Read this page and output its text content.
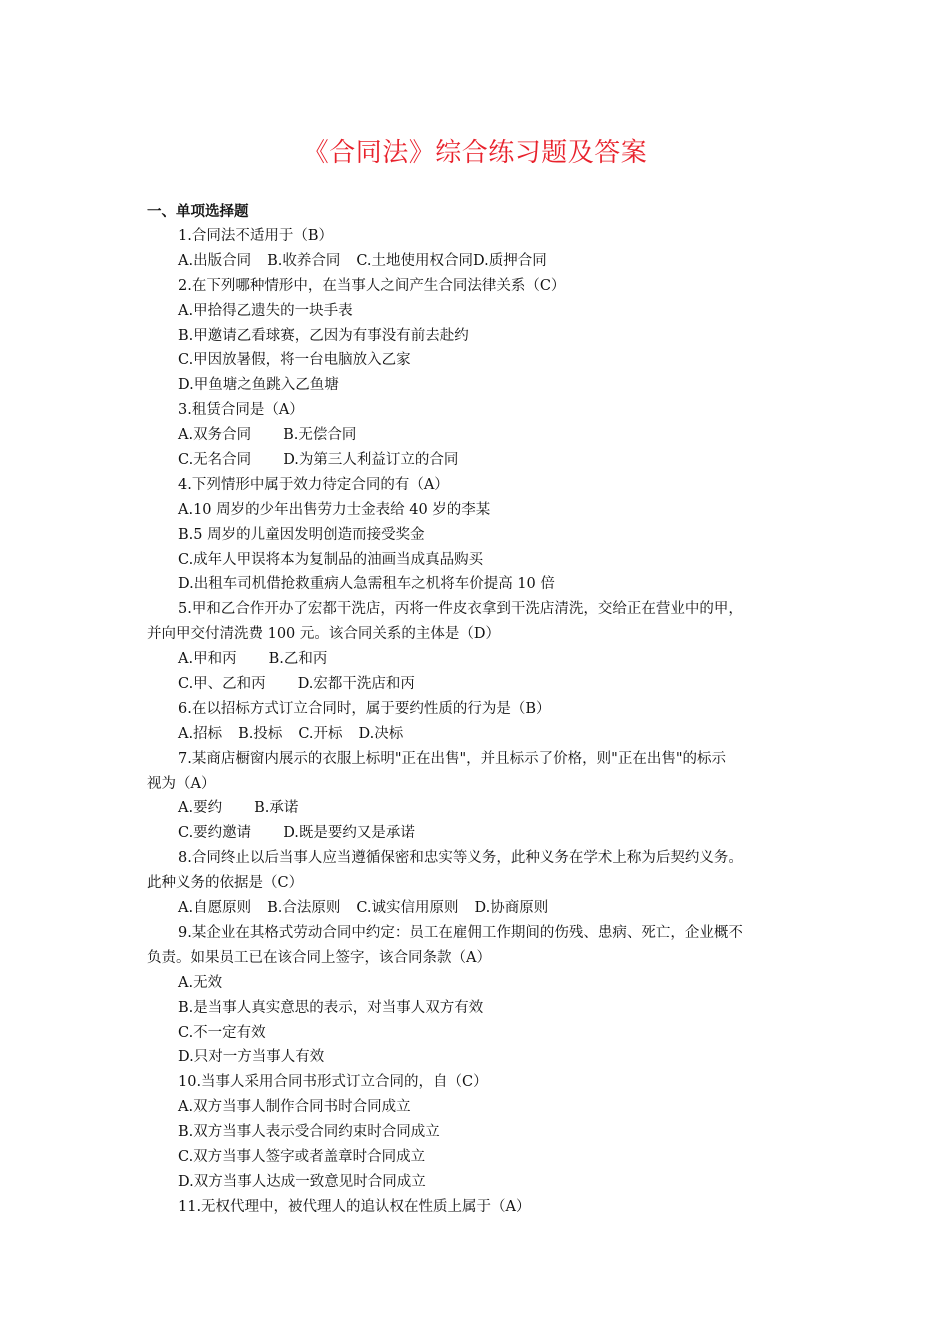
《合同法》综合练习题及答案
一、单项选择题
1.合同法不适用于（B）
A.出版合同 B.收养合同 C.土地使用权合同D.质押合同
2.在下列哪种情形中，在当事人之间产生合同法律关系（C）
A.甲拾得乙遗失的一块手表
B.甲邀请乙看球赛，乙因为有事没有前去赴约
C.甲因放暑假，将一台电脑放入乙家
D.甲鱼塘之鱼跳入乙鱼塘
3.租赁合同是（A）
A.双务合同 B.无偿合同
C.无名合同 D.为第三人利益订立的合同
4.下列情形中属于效力待定合同的有（A）
A.10 周岁的少年出售劳力士金表给 40 岁的李某
B.5 周岁的儿童因发明创造而接受奖金
C.成年人甲误将本为复制品的油画当成真品购买
D.出租车司机借抢救重病人急需租车之机将车价提高 10 倍
5.甲和乙合作开办了宏都干洗店，丙将一件皮衣拿到干洗店清洗，交给正在营业中的甲，
并向甲交付清洗费 100 元。该合同关系的主体是（D）
A.甲和丙 B.乙和丙
C.甲、乙和丙 D.宏都干洗店和丙
6.在以招标方式订立合同时，属于要约性质的行为是（B）
A.招标 B.投标 C.开标 D.决标
7.某商店橱窗内展示的衣服上标明"正在出售"，并且标示了价格，则"正在出售"的标示
视为（A）
A.要约 B.承诺
C.要约邀请 D.既是要约又是承诺
8.合同终止以后当事人应当遵循保密和忠实等义务，此种义务在学术上称为后契约义务。
此种义务的依据是（C）
A.自愿原则 B.合法原则 C.诚实信用原则 D.协商原则
9.某企业在其格式劳动合同中约定：员工在雇佣工作期间的伤残、患病、死亡，企业概不
负责。如果员工已在该合同上签字，该合同条款（A）
A.无效
B.是当事人真实意思的表示，对当事人双方有效
C.不一定有效
D.只对一方当事人有效
10.当事人采用合同书形式订立合同的，自（C）
A.双方当事人制作合同书时合同成立
B.双方当事人表示受合同约束时合同成立
C.双方当事人签字或者盖章时合同成立
D.双方当事人达成一致意见时合同成立
11.无权代理中，被代理人的追认权在性质上属于（A）
